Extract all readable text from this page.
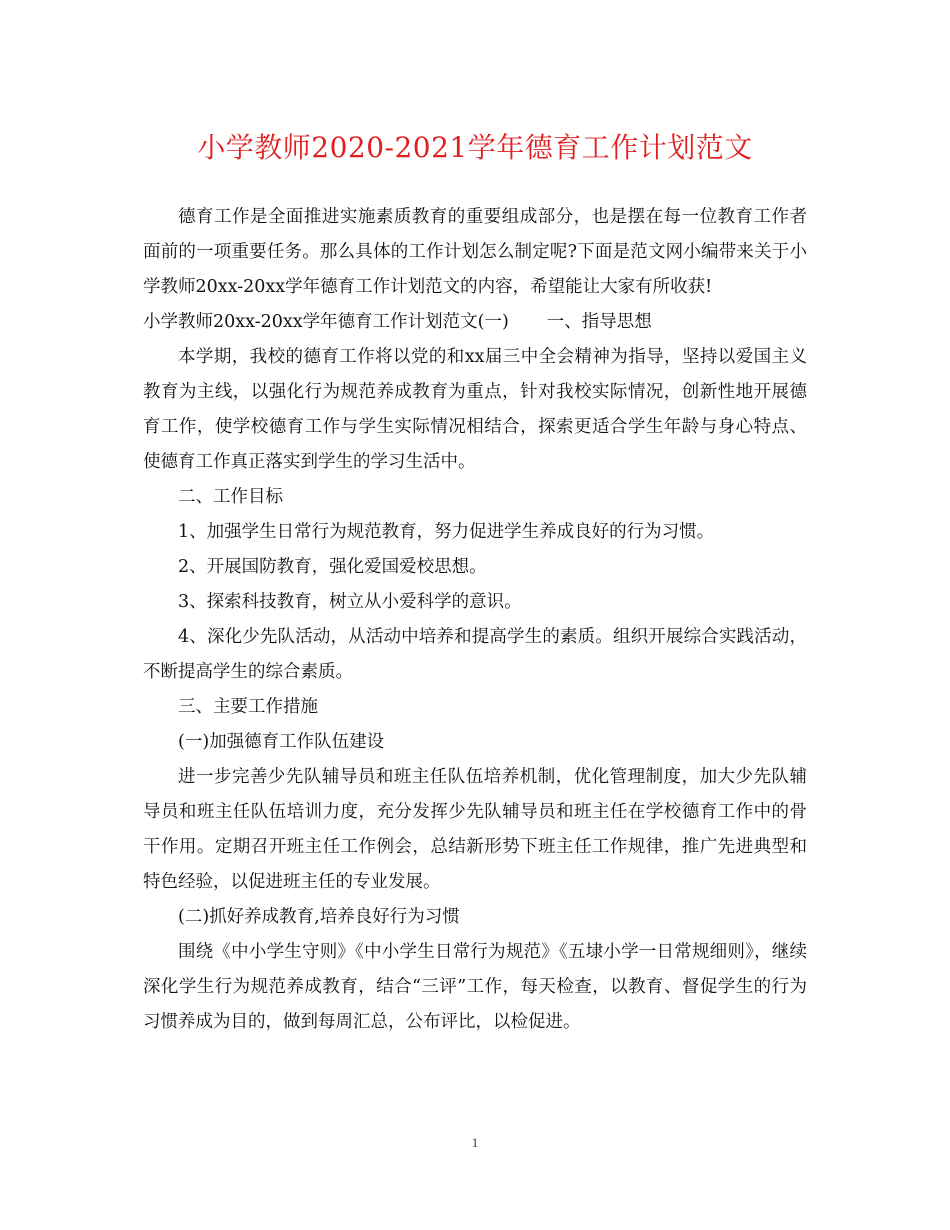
小学教师2020-2021学年德育工作计划范文

德育工作是全面推进实施素质教育的重要组成部分，也是摆在每一位教育工作者面前的一项重要任务。那么具体的工作计划怎么制定呢?下面是范文网小编带来关于小学教师20xx-20xx学年德育工作计划范文的内容，希望能让大家有所收获!

小学教师20xx-20xx学年德育工作计划范文(一) 一、指导思想

本学期，我校的德育工作将以党的和xx届三中全会精神为指导，坚持以爱国主义教育为主线，以强化行为规范养成教育为重点，针对我校实际情况，创新性地开展德育工作，使学校德育工作与学生实际情况相结合，探索更适合学生年龄与身心特点、使德育工作真正落实到学生的学习生活中。

二、工作目标

1、加强学生日常行为规范教育，努力促进学生养成良好的行为习惯。

2、开展国防教育，强化爱国爱校思想。

3、探索科技教育，树立从小爱科学的意识。

4、深化少先队活动，从活动中培养和提高学生的素质。组织开展综合实践活动，不断提高学生的综合素质。

三、主要工作措施

(一)加强德育工作队伍建设

进一步完善少先队辅导员和班主任队伍培养机制，优化管理制度，加大少先队辅导员和班主任队伍培训力度，充分发挥少先队辅导员和班主任在学校德育工作中的骨干作用。定期召开班主任工作例会，总结新形势下班主任工作规律，推广先进典型和特色经验，以促进班主任的专业发展。

(二)抓好养成教育,培养良好行为习惯

围绕《中小学生守则》《中小学生日常行为规范》《五埭小学一日常规细则》，继续深化学生行为规范养成教育，结合“三评”工作，每天检查，以教育、督促学生的行为习惯养成为目的，做到每周汇总，公布评比，以检促进。

1
